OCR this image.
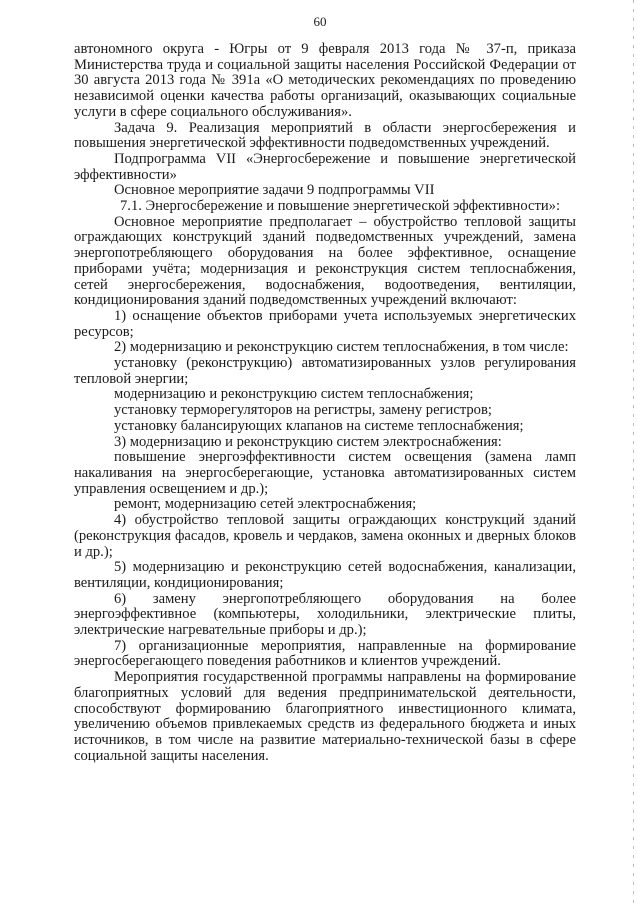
60

автономного округа - Югры от 9 февраля 2013 года № 37-п, приказа Министерства труда и социальной защиты населения Российской Федерации от 30 августа 2013 года № 391а «О методических рекомендациях по проведению независимой оценки качества работы организаций, оказывающих социальные услуги в сфере социального обслуживания».

Задача 9. Реализация мероприятий в области энергосбережения и повышения энергетической эффективности подведомственных учреждений.

Подпрограмма VII «Энергосбережение и повышение энергетической эффективности»

Основное мероприятие задачи 9 подпрограммы VII

7.1. Энергосбережение и повышение энергетической эффективности»:

Основное мероприятие предполагает – обустройство тепловой защиты ограждающих конструкций зданий подведомственных учреждений, замена энергопотребляющего оборудования на более эффективное, оснащение приборами учёта; модернизация и реконструкция систем теплоснабжения, сетей энергосбережения, водоснабжения, водоотведения, вентиляции, кондиционирования зданий подведомственных учреждений включают:

1) оснащение объектов приборами учета используемых энергетических ресурсов;

2) модернизацию и реконструкцию систем теплоснабжения, в том числе:

установку (реконструкцию) автоматизированных узлов регулирования тепловой энергии;

модернизацию и реконструкцию систем теплоснабжения;

установку терморегуляторов на регистры, замену регистров;

установку балансирующих клапанов на системе теплоснабжения;

3) модернизацию и реконструкцию систем электроснабжения:

повышение энергоэффективности систем освещения (замена ламп накаливания на энергосберегающие, установка автоматизированных систем управления освещением и др.);

ремонт, модернизацию сетей электроснабжения;

4) обустройство тепловой защиты ограждающих конструкций зданий (реконструкция фасадов, кровель и чердаков, замена оконных и дверных блоков и др.);

5) модернизацию и реконструкцию сетей водоснабжения, канализации, вентиляции, кондиционирования;

6) замену энергопотребляющего оборудования на более энергоэффективное (компьютеры, холодильники, электрические плиты, электрические нагревательные приборы и др.);

7) организационные мероприятия, направленные на формирование энергосберегающего поведения работников и клиентов учреждений.

Мероприятия государственной программы направлены на формирование благоприятных условий для ведения предпринимательской деятельности, способствуют формированию благоприятного инвестиционного климата, увеличению объемов привлекаемых средств из федерального бюджета и иных источников, в том числе на развитие материально-технической базы в сфере социальной защиты населения.
